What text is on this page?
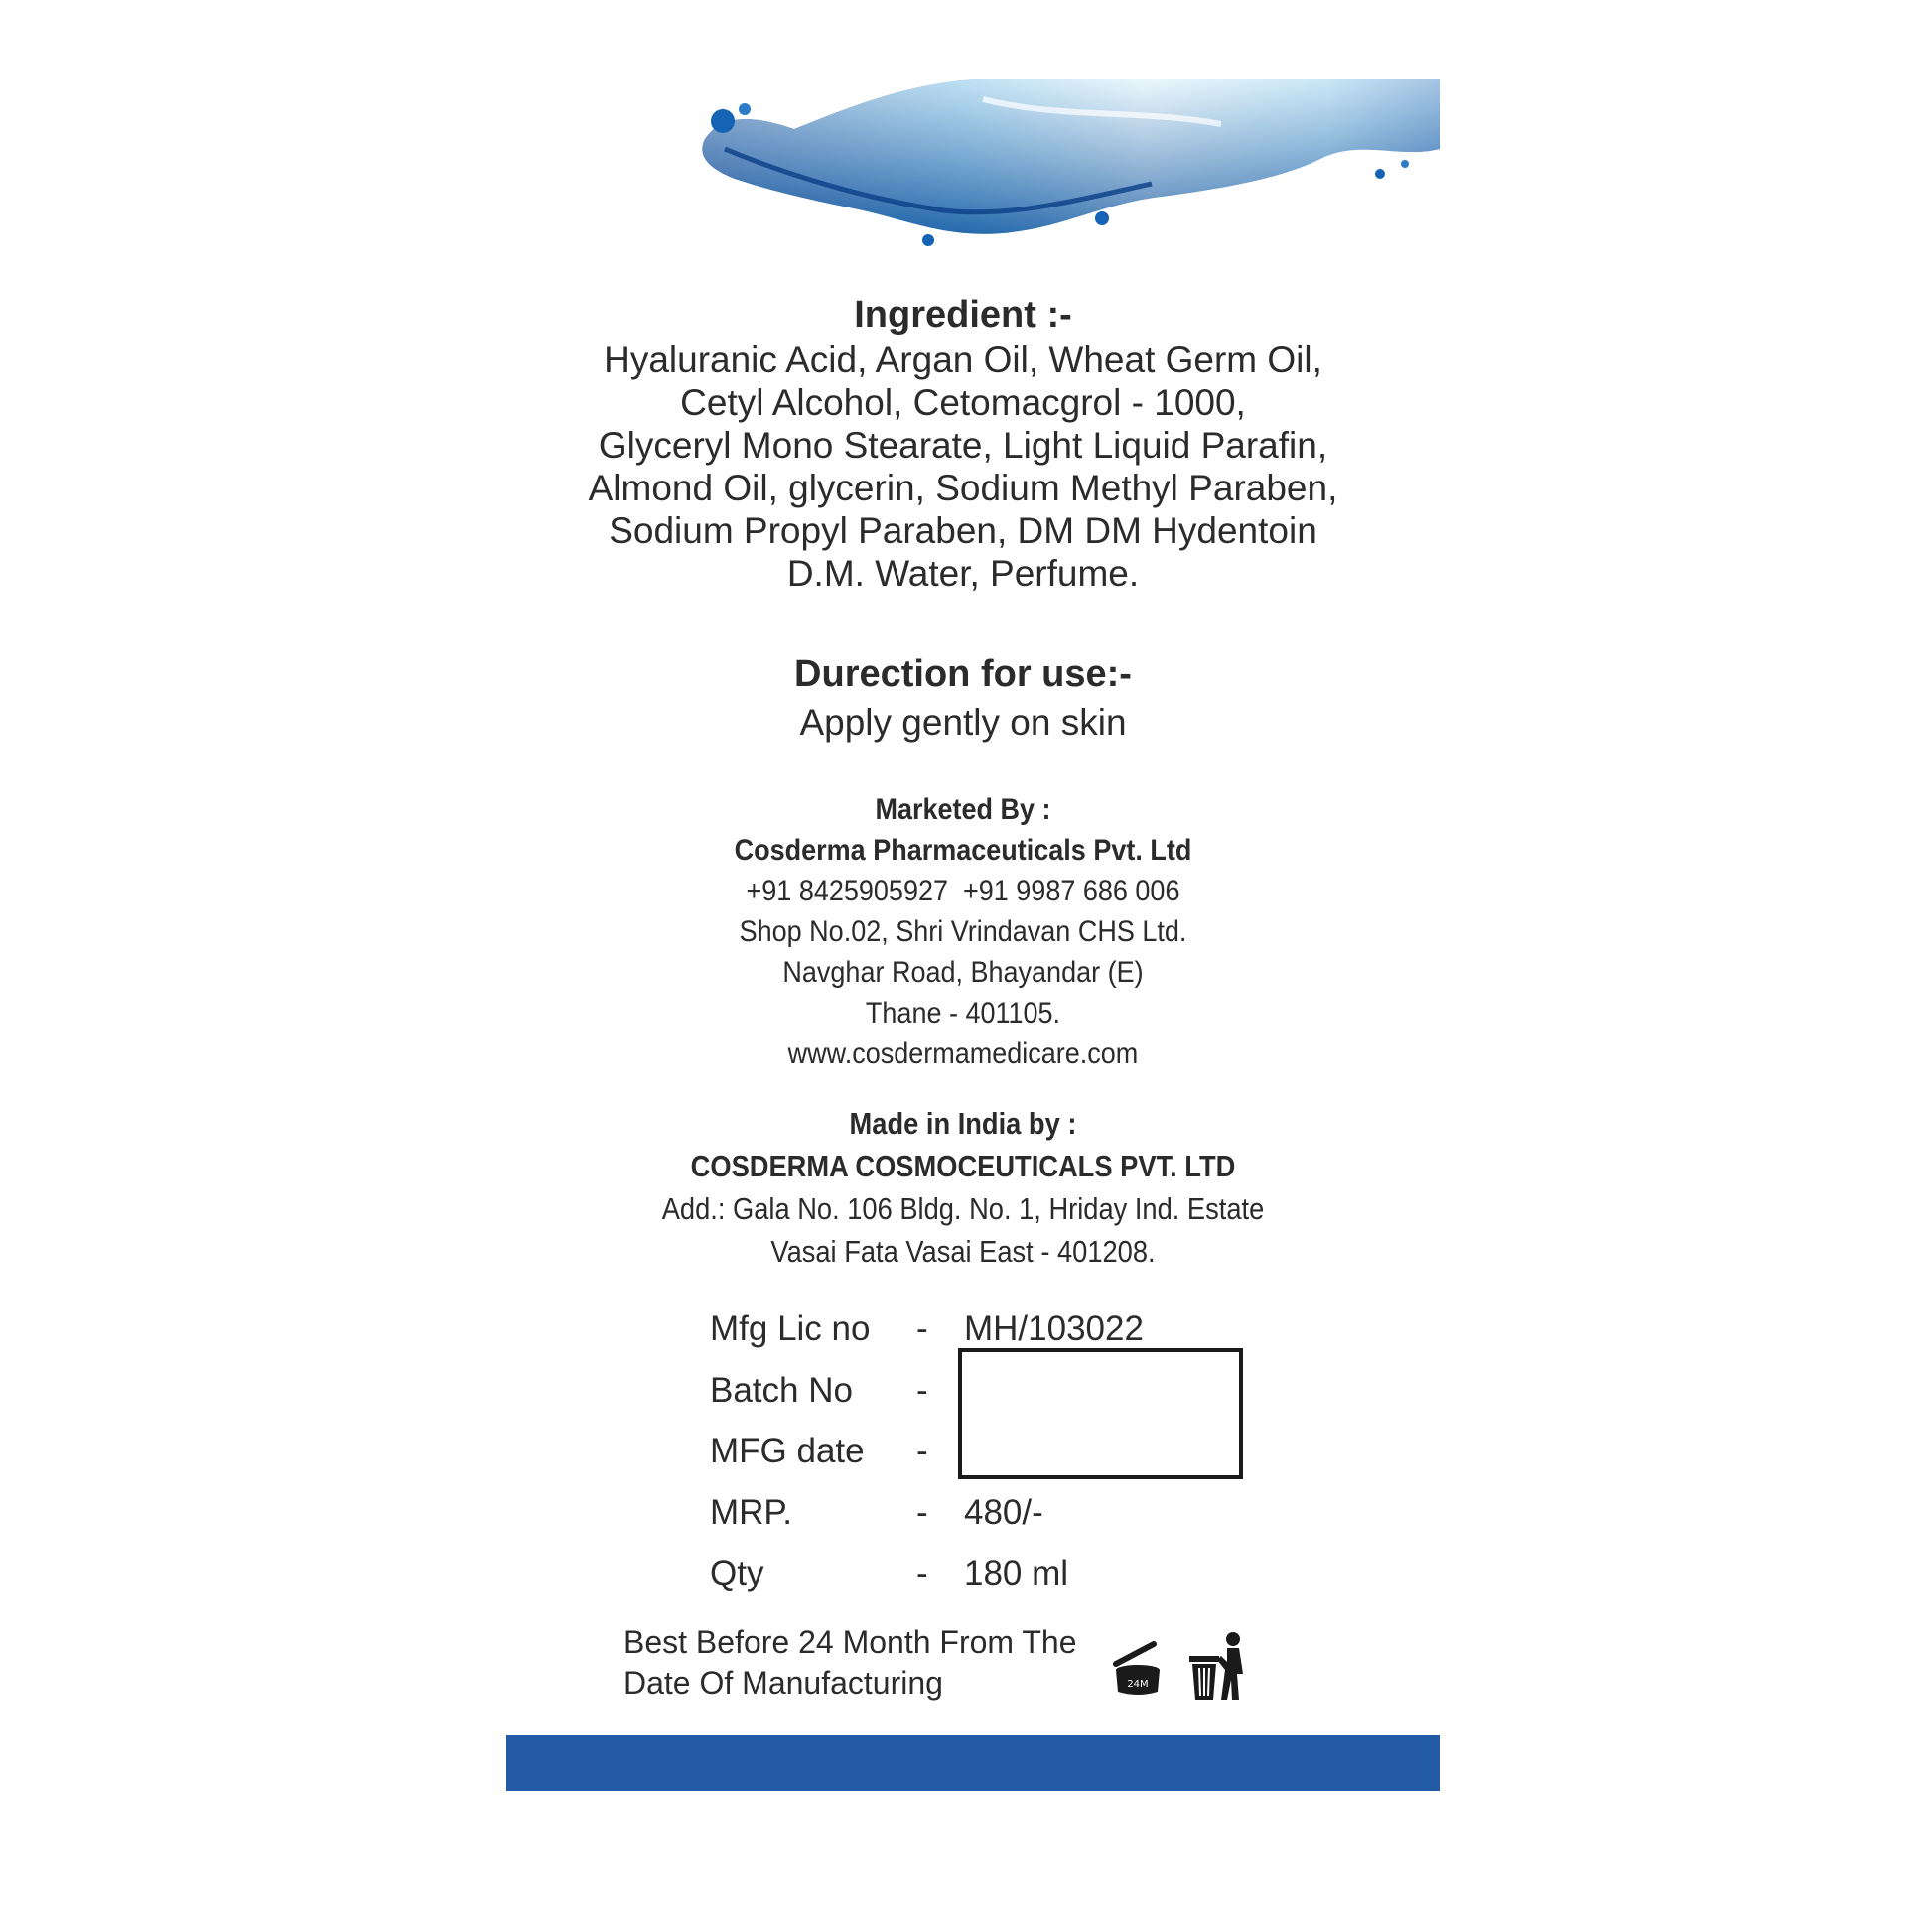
Ingredient :-
Hyaluranic Acid, Argan Oil, Wheat Germ Oil,
Cetyl Alcohol, Cetomacgrol - 1000,
Glyceryl Mono Stearate, Light Liquid Parafin,
Almond Oil, glycerin, Sodium Methyl Paraben,
Sodium Propyl Paraben, DM DM Hydentoin
D.M. Water, Perfume.
Durection for use:-
Apply gently on skin
Marketed By :
Cosderma Pharmaceuticals Pvt. Ltd
+91 8425905927  +91 9987 686 006
Shop No.02, Shri Vrindavan CHS Ltd.
Navghar Road, Bhayandar (E)
Thane - 401105.
www.cosdermamedicare.com
Made in India by :
COSDERMA COSMOCEUTICALS PVT. LTD
Add.: Gala No. 106 Bldg. No. 1, Hriday Ind. Estate
Vasai Fata Vasai East - 401208.
Mfg Lic no - MH/103022
Batch No -
MFG date -
MRP.	- 480/-
Qty	- 180 ml
Best Before 24 Month From The
Date Of Manufacturing	24M
